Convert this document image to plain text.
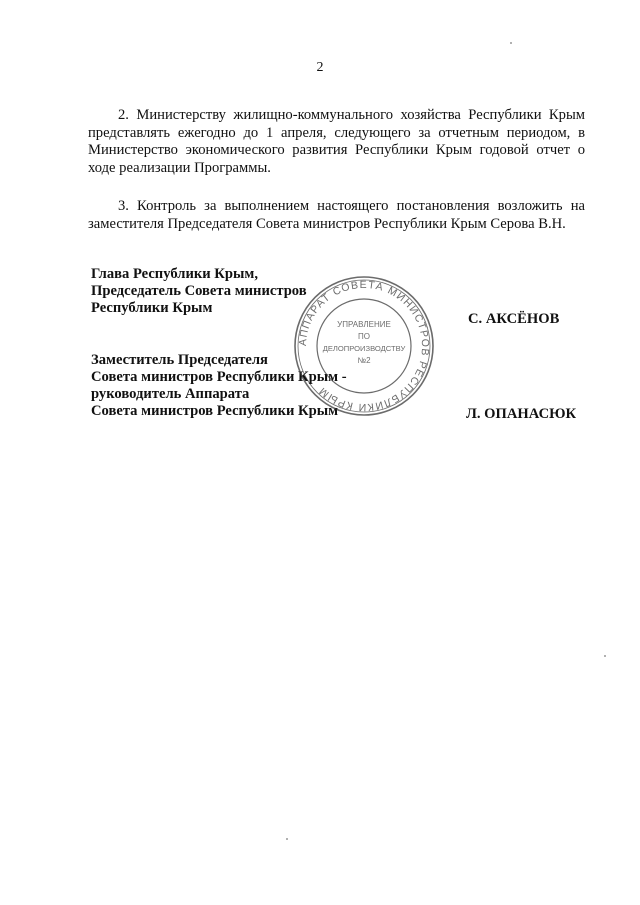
2
2. Министерству жилищно-коммунального хозяйства Республики Крым представлять ежегодно до 1 апреля, следующего за отчетным периодом, в Министерство экономического развития Республики Крым годовой отчет о ходе реализации Программы.
3. Контроль за выполнением настоящего постановления возложить на заместителя Председателя Совета министров Республики Крым Серова В.Н.
Глава Республики Крым,
Председатель Совета министров
Республики Крым
С. АКСЁНОВ
Заместитель Председателя
Совета министров Республики Крым -
руководитель Аппарата
Совета министров Республики Крым	Л. ОПАНАСЮК
АППАРАТ СОВЕТА МИНИСТРОВ РЕСПУБЛИКИ КРЫМ
УПРАВЛЕНИЕ
ПО
ДЕЛОПРОИЗВОДСТВУ
№2
